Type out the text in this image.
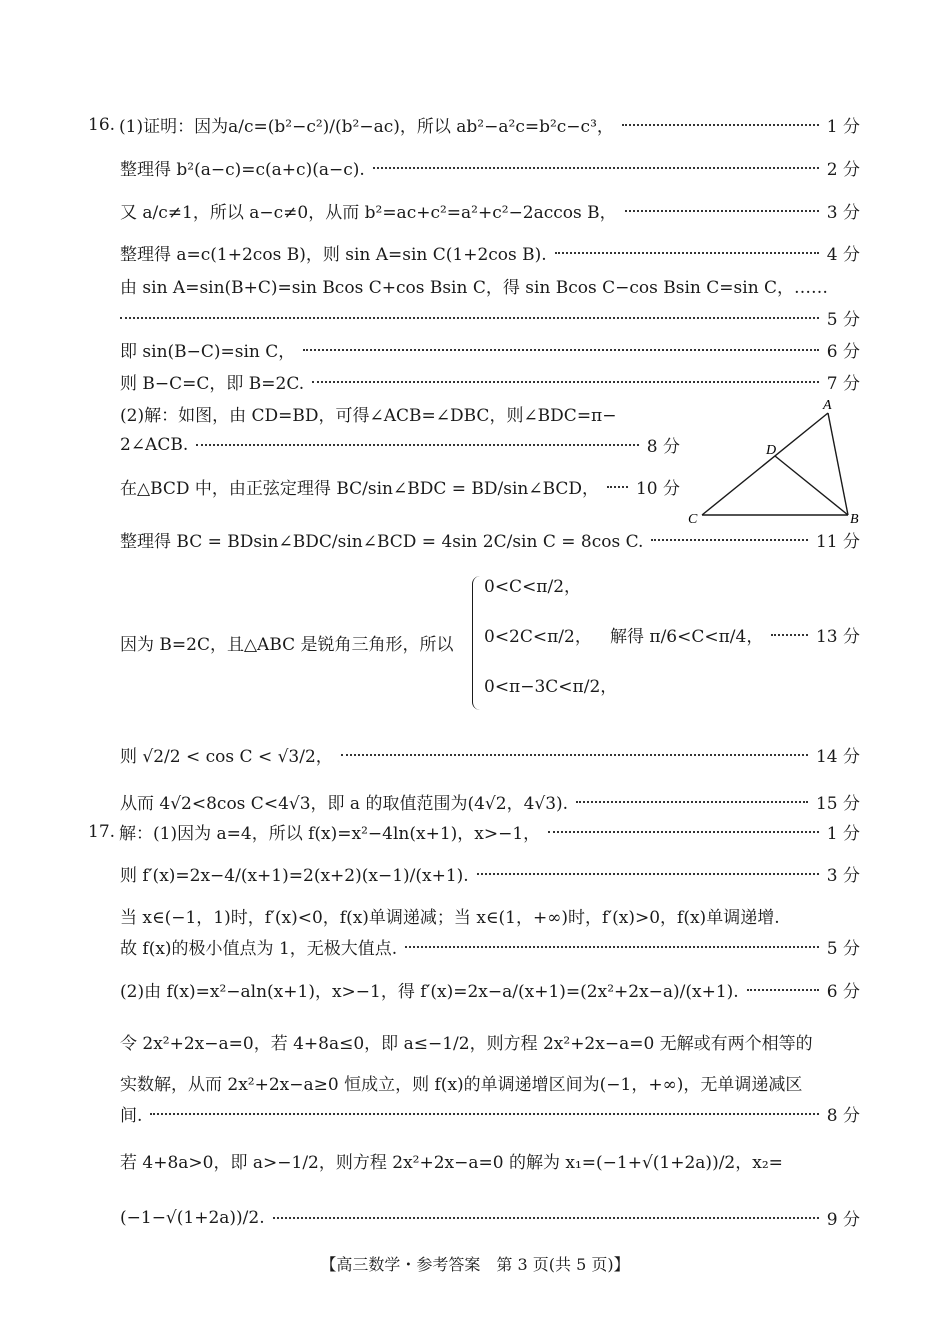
16. (1)证明：因为a/c=(b²−c²)/(b²−ac)，所以 ab²−a²c=b²c−c³，	1 分
整理得 b²(a−c)=c(a+c)(a−c).	2 分
又 a/c≠1，所以 a−c≠0，从而 b²=ac+c²=a²+c²−2accos B，	3 分
整理得 a=c(1+2cos B)，则 sin A=sin C(1+2cos B).	4 分
由 sin A=sin(B+C)=sin Bcos C+cos Bsin C，得 sin Bcos C−cos Bsin C=sin C，……
5 分
即 sin(B−C)=sin C，	6 分
则 B−C=C，即 B=2C.	7 分
(2)解：如图，由 CD=BD，可得∠ACB=∠DBC，则∠BDC=π−
2∠ACB.	8 分
在△BCD 中，由正弦定理得 BC/sin∠BDC = BD/sin∠BCD， 10 分
整理得 BC = BDsin∠BDC/sin∠BCD = 4sin 2C/sin C = 8cos C.	11 分
A
B
C
D
因为 B=2C，且△ABC 是锐角三角形，所以
0<C<π/2，
0<2C<π/2，
0<π−3C<π/2，
解得 π/6<C<π/4，	13 分
则 √2/2 < cos C < √3/2，	14 分
从而 4√2<8cos C<4√3，即 a 的取值范围为(4√2，4√3).	15 分
17. 解：(1)因为 a=4，所以 f(x)=x²−4ln(x+1)，x>−1，	1 分
则 f′(x)=2x−4/(x+1)=2(x+2)(x−1)/(x+1).	3 分
当 x∈(−1，1)时，f′(x)<0，f(x)单调递减；当 x∈(1，+∞)时，f′(x)>0，f(x)单调递增.
故 f(x)的极小值点为 1，无极大值点.	5 分
(2)由 f(x)=x²−aln(x+1)，x>−1，得 f′(x)=2x−a/(x+1)=(2x²+2x−a)/(x+1).	6 分
令 2x²+2x−a=0，若 4+8a≤0，即 a≤−1/2，则方程 2x²+2x−a=0 无解或有两个相等的
实数解，从而 2x²+2x−a≥0 恒成立，则 f(x)的单调递增区间为(−1，+∞)，无单调递减区
间.	8 分
若 4+8a>0，即 a>−1/2，则方程 2x²+2x−a=0 的解为 x₁=(−1+√(1+2a))/2，x₂=
(−1−√(1+2a))/2.	9 分
【高三数学・参考答案　第 3 页(共 5 页)】
